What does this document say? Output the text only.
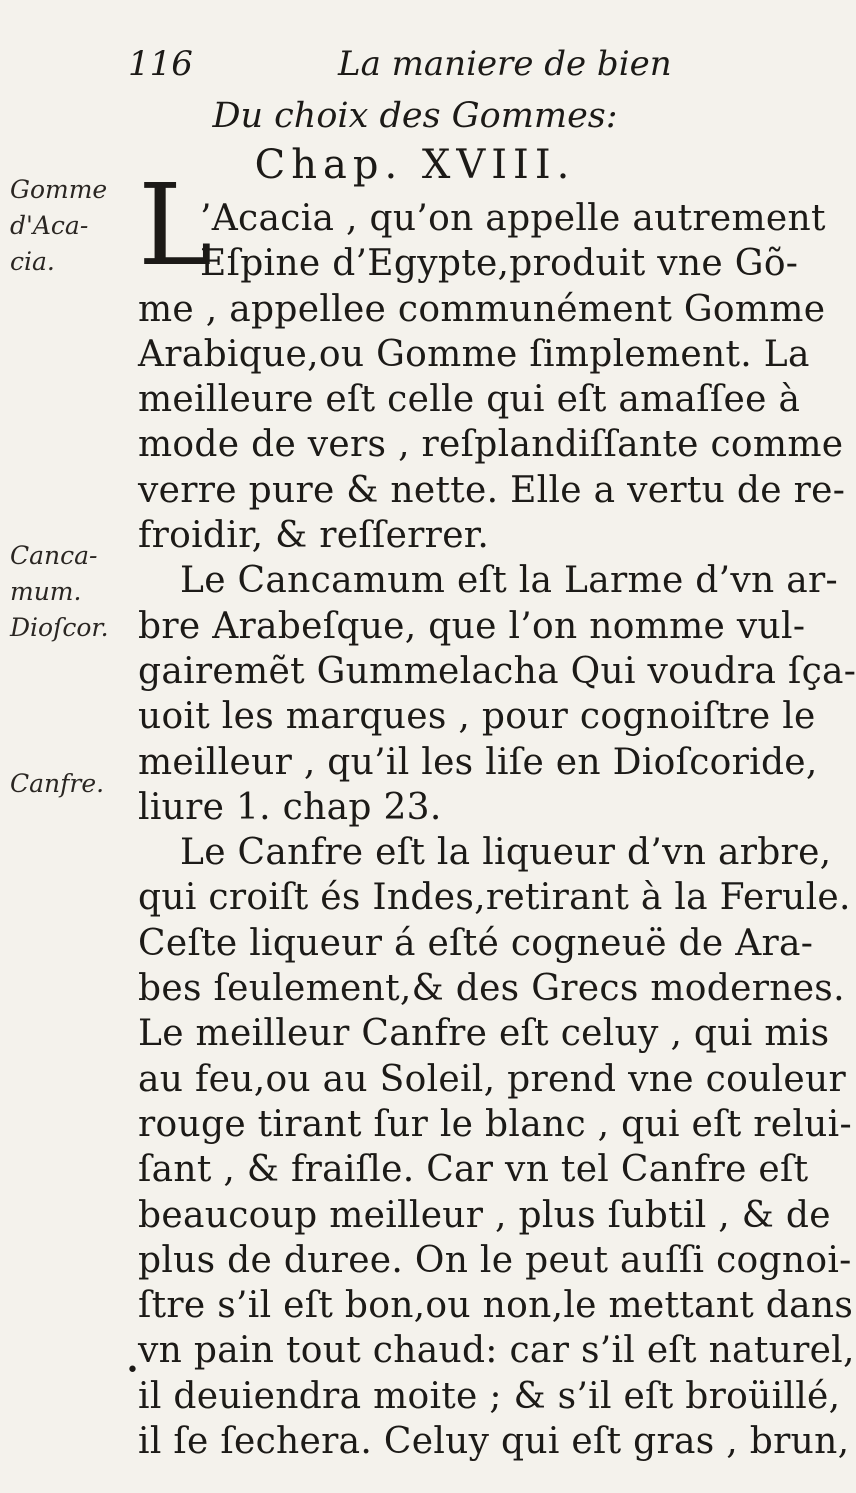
116	La maniere de bien
Du choix des Gommes:
Chap. XVIII.
Gomme d'Aca-cia.
Canca-mum.
Dioſcor.
Canfre.
L
’Acacia , qu’on appelle autrement
Eſpine d’Egypte,produit vne Gõ-
me , appellee communément Gomme
Arabique,ou Gomme ſimplement. La
meilleure eſt celle qui eſt amaſſee à
mode de vers , reſplandiſſante comme
verre pure & nette. Elle a vertu de re-
froidir, & reſſerrer.
Le Cancamum eſt la Larme d’vn ar-
bre Arabeſque, que l’on nomme vul-
gairemẽt Gummelacha Qui voudra ſça-
uoit les marques , pour cognoiſtre le
meilleur , qu’il les liſe en Dioſcoride,
liure 1. chap 23.
Le Canfre eſt la liqueur d’vn arbre,
qui croiſt és Indes,retirant à la Ferule.
Ceſte liqueur á eſté cogneuë de Ara-
bes ſeulement,& des Grecs modernes.
Le meilleur Canfre eſt celuy , qui mis
au feu,ou au Soleil, prend vne couleur
rouge tirant ſur le blanc , qui eſt relui-
ſant , & fraiſle. Car vn tel Canfre eſt
beaucoup meilleur , plus ſubtil , & de
plus de duree. On le peut auſſi cognoi-
ſtre s’il eſt bon,ou non,le mettant dans
vn pain tout chaud: car s’il eſt naturel,
il deuiendra moite ; & s’il eſt broüillé,
il ſe ſechera. Celuy qui eſt gras , brun,
•
